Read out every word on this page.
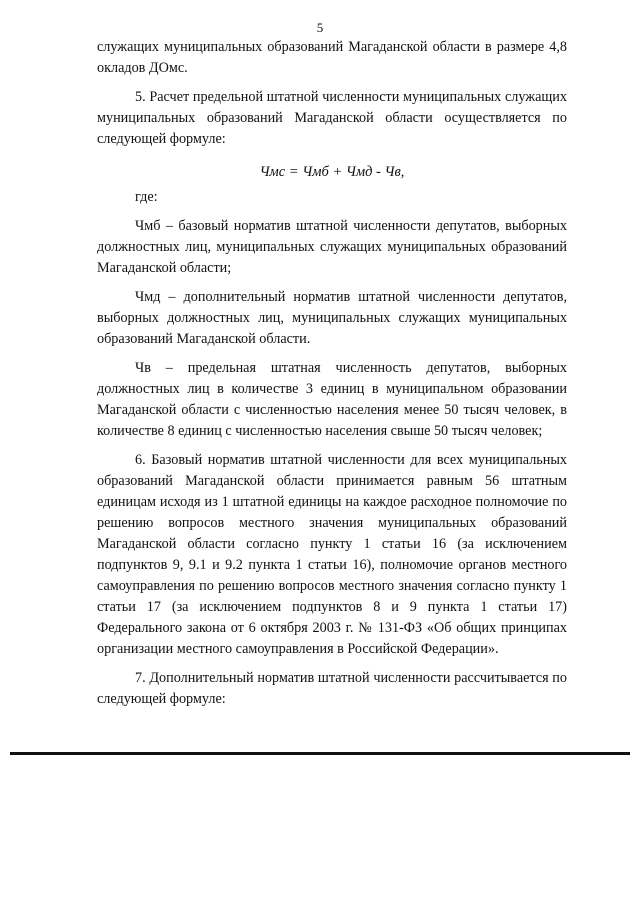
5

служащих муниципальных образований Магаданской области в размере 4,8 окладов ДОмс.

5. Расчет предельной штатной численности муниципальных служащих муниципальных образований Магаданской области осуществляется по следующей формуле:

Чмс = Чмб + Чмд - Чв,

где:

Чмб – базовый норматив штатной численности депутатов, выборных должностных лиц, муниципальных служащих муниципальных образований Магаданской области;

Чмд – дополнительный норматив штатной численности депутатов, выборных должностных лиц, муниципальных служащих муниципальных образований Магаданской области.

Чв – предельная штатная численность депутатов, выборных должностных лиц в количестве 3 единиц в муниципальном образовании Магаданской области с численностью населения менее 50 тысяч человек, в количестве 8 единиц с численностью населения свыше 50 тысяч человек;

6. Базовый норматив штатной численности для всех муниципальных образований Магаданской области принимается равным 56 штатным единицам исходя из 1 штатной единицы на каждое расходное полномочие по решению вопросов местного значения муниципальных образований Магаданской области согласно пункту 1 статьи 16 (за исключением подпунктов 9, 9.1 и 9.2 пункта 1 статьи 16), полномочие органов местного самоуправления по решению вопросов местного значения согласно пункту 1 статьи 17 (за исключением подпунктов 8 и 9 пункта 1 статьи 17) Федерального закона от 6 октября 2003 г. № 131-ФЗ «Об общих принципах организации местного самоуправления в Российской Федерации».

7. Дополнительный норматив штатной численности рассчитывается по следующей формуле:
